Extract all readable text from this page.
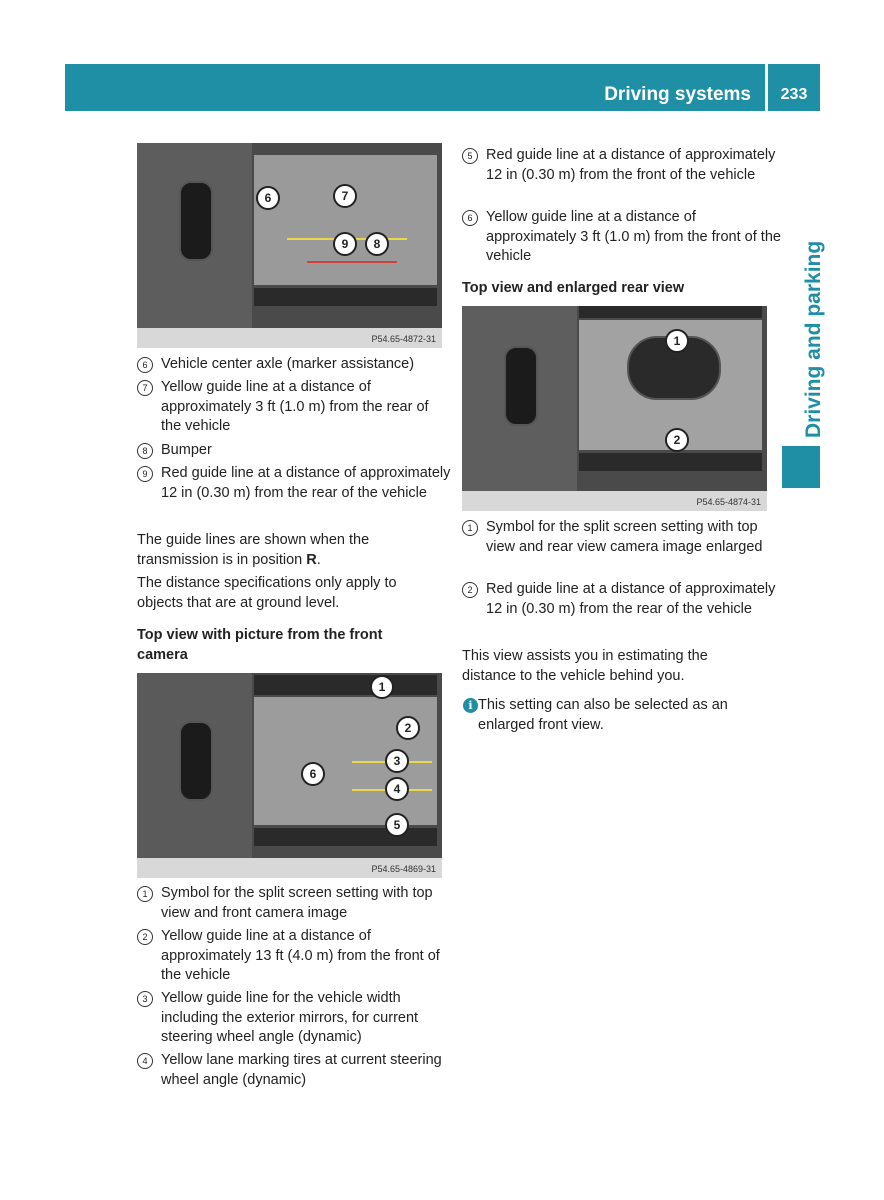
Driving systems	233
Driving and parking
6	7
9	8
P54.65-4872-31
6 Vehicle center axle (marker assistance)
7 Yellow guide line at a distance of approximately 3 ft (1.0 m) from the rear of the vehicle
8 Bumper
9 Red guide line at a distance of approximately 12 in (0.30 m) from the rear of the vehicle
The guide lines are shown when the transmission is in position R.
The distance specifications only apply to objects that are at ground level.
Top view with picture from the front camera
1
2
3
6
4
5
P54.65-4869-31
1 Symbol for the split screen setting with top view and front camera image
2 Yellow guide line at a distance of approximately 13 ft (4.0 m) from the front of the vehicle
3 Yellow guide line for the vehicle width including the exterior mirrors, for current steering wheel angle (dynamic)
4 Yellow lane marking tires at current steering wheel angle (dynamic)
5 Red guide line at a distance of approximately 12 in (0.30 m) from the front of the vehicle
6 Yellow guide line at a distance of approximately 3 ft (1.0 m) from the front of the vehicle
Top view and enlarged rear view
1
2
P54.65-4874-31
1 Symbol for the split screen setting with top view and rear view camera image enlarged
2 Red guide line at a distance of approximately 12 in (0.30 m) from the rear of the vehicle
This view assists you in estimating the distance to the vehicle behind you.
i This setting can also be selected as an enlarged front view.
